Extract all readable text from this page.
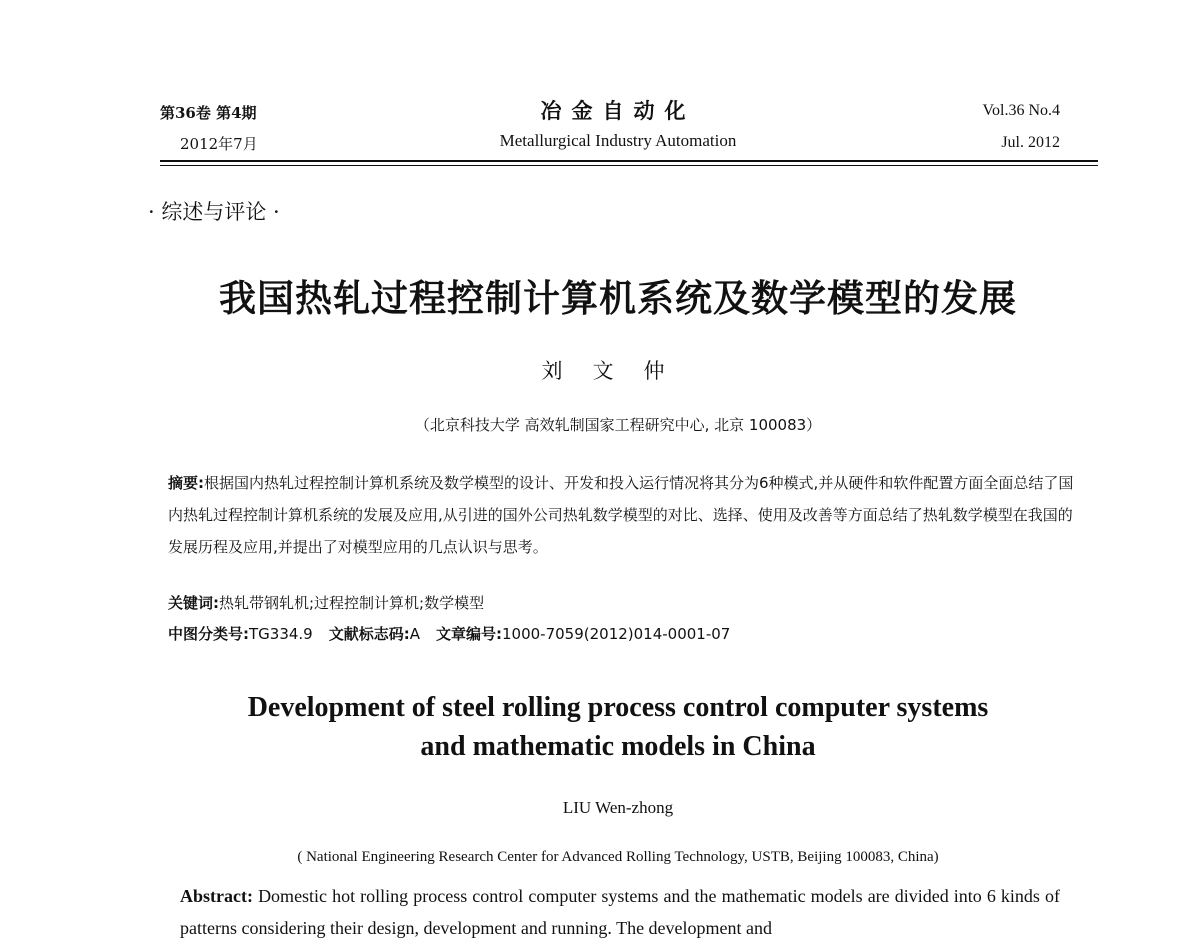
第36卷 第4期
2012年7月
冶金自动化
Metallurgical Industry Automation
Vol.36 No.4
Jul. 2012
· 综述与评论 ·
我国热轧过程控制计算机系统及数学模型的发展
刘文仲
（北京科技大学 高效轧制国家工程研究中心, 北京 100083）
摘要:根据国内热轧过程控制计算机系统及数学模型的设计、开发和投入运行情况将其分为6种模式,并从硬件和软件配置方面全面总结了国内热轧过程控制计算机系统的发展及应用,从引进的国外公司热轧数学模型的对比、选择、使用及改善等方面总结了热轧数学模型在我国的发展历程及应用,并提出了对模型应用的几点认识与思考。
关键词:热轧带钢轧机;过程控制计算机;数学模型
中图分类号:TG334.9 文献标志码:A 文章编号:1000-7059(2012)014-0001-07
Development of steel rolling process control computer systems
and mathematic models in China
LIU Wen-zhong
( National Engineering Research Center for Advanced Rolling Technology, USTB, Beijing 100083, China)
Abstract: Domestic hot rolling process control computer systems and the mathematic models are divided into 6 kinds of patterns considering their design, development and running. The development and
